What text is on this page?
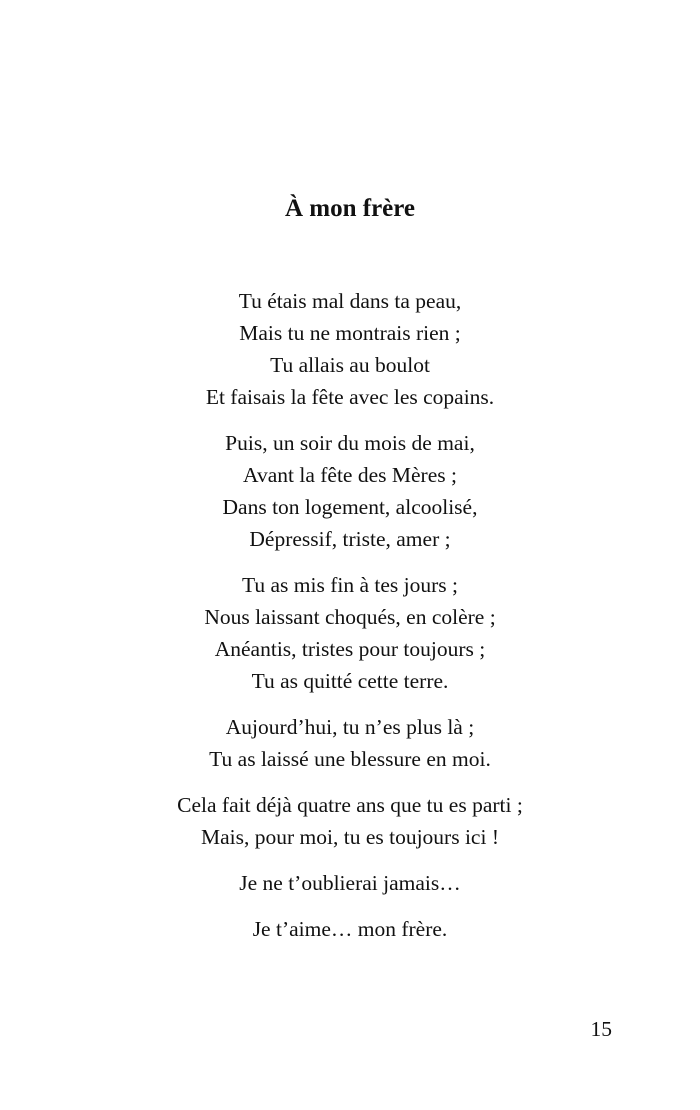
À mon frère
Tu étais mal dans ta peau,
Mais tu ne montrais rien ;
Tu allais au boulot
Et faisais la fête avec les copains.
Puis, un soir du mois de mai,
Avant la fête des Mères ;
Dans ton logement, alcoolisé,
Dépressif, triste, amer ;
Tu as mis fin à tes jours ;
Nous laissant choqués, en colère ;
Anéantis, tristes pour toujours ;
Tu as quitté cette terre.
Aujourd’hui, tu n’es plus là ;
Tu as laissé une blessure en moi.
Cela fait déjà quatre ans que tu es parti ;
Mais, pour moi, tu es toujours ici !
Je ne t’oublierai jamais…
Je t’aime… mon frère.
15
